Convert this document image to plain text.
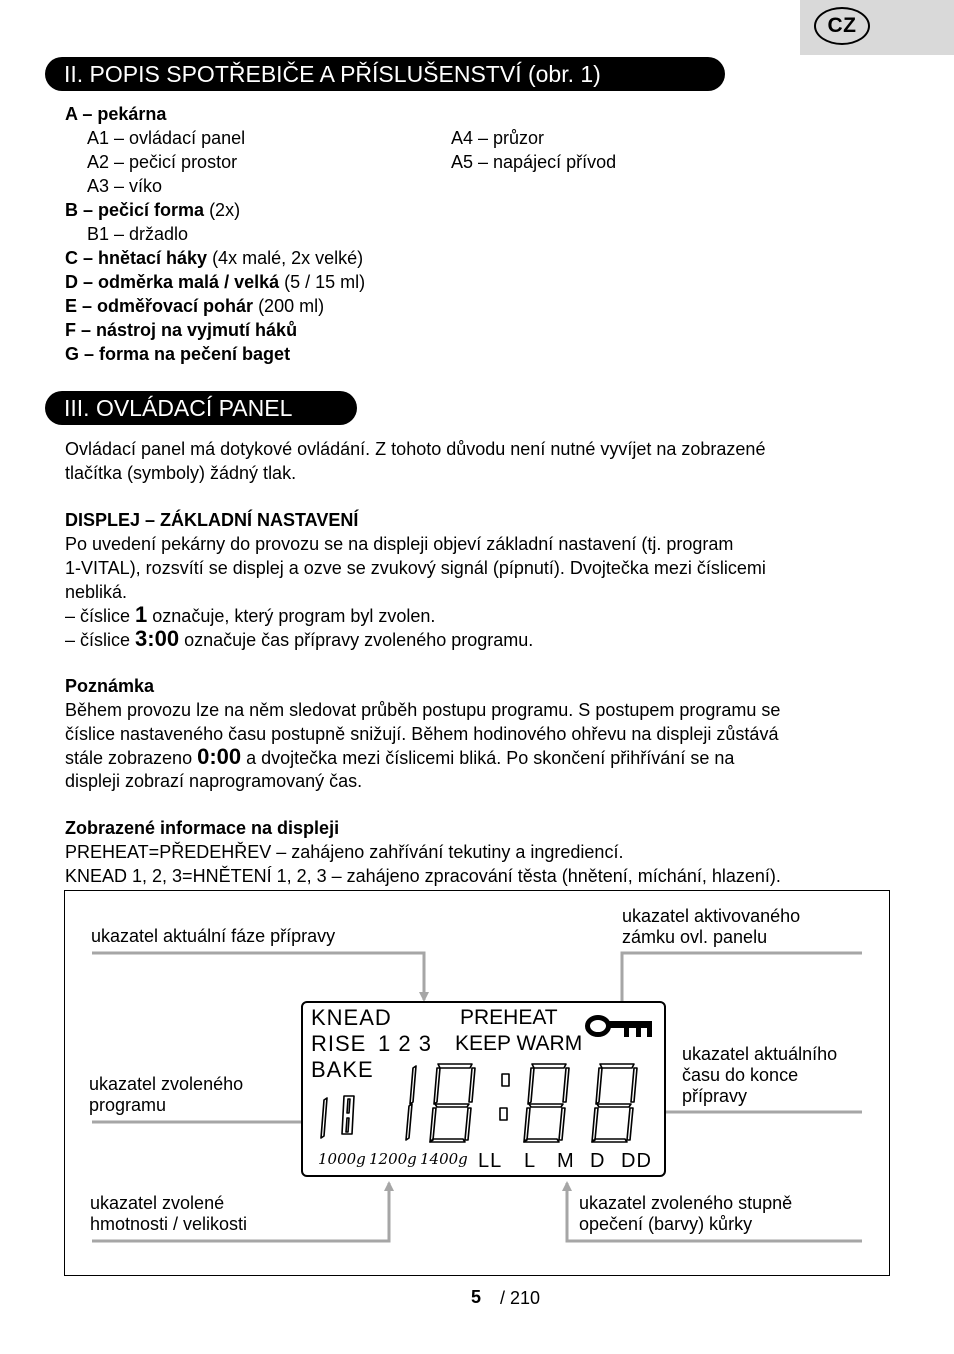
CZ
II. POPIS SPOTŘEBIČE A PŘÍSLUŠENSTVÍ (obr. 1)
A – pekárna
A1 – ovládací panel
A2 – pečicí prostor
A3 – víko
A4 – průzor
A5 – napájecí přívod
B – pečicí forma (2x)
B1 – držadlo
C – hnětací háky (4x malé, 2x velké)
D – odměrka malá / velká (5 / 15 ml)
E – odměřovací pohár (200 ml)
F – nástroj na vyjmutí háků
G – forma na pečení baget
III. OVLÁDACÍ PANEL
Ovládací panel má dotykové ovládání. Z tohoto důvodu není nutné vyvíjet na zobrazené
tlačítka (symboly) žádný tlak.
DISPLEJ – ZÁKLADNÍ NASTAVENÍ
Po uvedení pekárny do provozu se na displeji objeví základní nastavení (tj. program
1-VITAL), rozsvítí se displej a ozve se zvukový signál (pípnutí). Dvojtečka mezi číslicemi
nebliká.
– číslice 1 označuje, který program byl zvolen.
– číslice 3:00 označuje čas přípravy zvoleného programu.
Poznámka
Během provozu lze na něm sledovat průběh postupu programu. S postupem programu se
číslice nastaveného času postupně snižují. Během hodinového ohřevu na displeji zůstává
stále zobrazeno 0:00 a dvojtečka mezi číslicemi bliká. Po skončení přihřívání se na
displeji zobrazí naprogramovaný čas.
Zobrazené informace na displeji
PREHEAT=PŘEDEHŘEV – zahájeno zahřívání tekutiny a ingrediencí.
KNEAD 1, 2, 3=HNĚTENÍ 1, 2, 3 – zahájeno zpracování těsta (hnětení, míchání, hlazení).
ukazatel aktuální fáze přípravy
ukazatel aktivovaného
zámku ovl. panelu
ukazatel zvoleného
programu
ukazatel aktuálního
času do konce
přípravy
ukazatel zvolené
hmotnosti / velikosti
ukazatel zvoleného stupně
opečení (barvy) kůrky
KNEAD	PREHEAT
RISE 1 2 3 KEEP WARM
BAKE
1000g 1200g 1400g LL L M D DD
5 / 210
